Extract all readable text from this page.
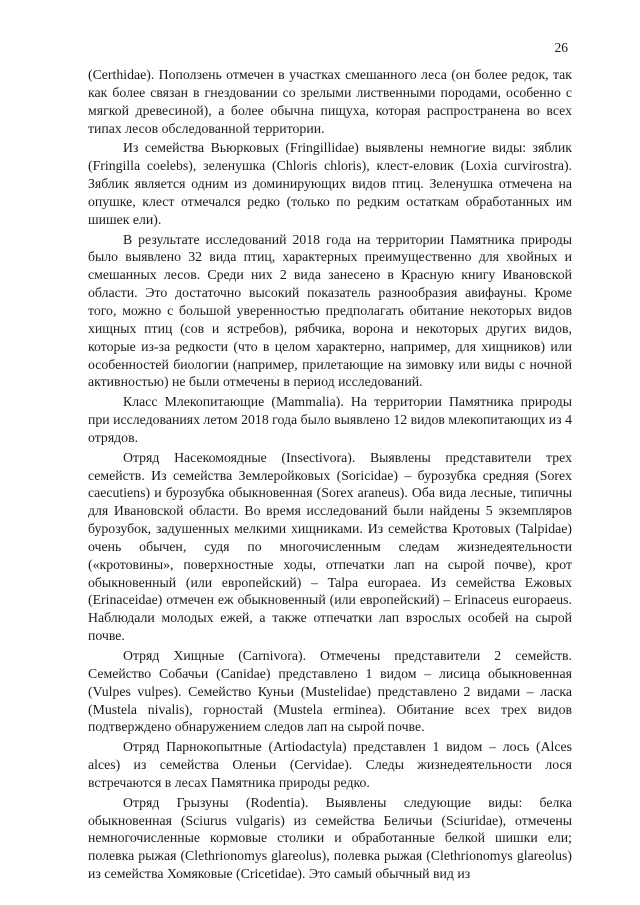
26

(Certhidae). Поползень отмечен в участках смешанного леса (он более редок, так как более связан в гнездовании со зрелыми лиственными породами, особенно с мягкой древесиной), а более обычна пищуха, которая распространена во всех типах лесов обследованной территории.

Из семейства Вьюрковых (Fringillidae) выявлены немногие виды: зяблик (Fringilla coelebs), зеленушка (Chloris chloris), клест-еловик (Loxia curvirostra). Зяблик является одним из доминирующих видов птиц. Зеленушка отмечена на опушке, клест отмечался редко (только по редким остаткам обработанных им шишек ели).

В результате исследований 2018 года на территории Памятника природы было выявлено 32 вида птиц, характерных преимущественно для хвойных и смешанных лесов. Среди них 2 вида занесено в Красную книгу Ивановской области. Это достаточно высокий показатель разнообразия авифауны. Кроме того, можно с большой уверенностью предполагать обитание некоторых видов хищных птиц (сов и ястребов), рябчика, ворона и некоторых других видов, которые из-за редкости (что в целом характерно, например, для хищников) или особенностей биологии (например, прилетающие на зимовку или виды с ночной активностью) не были отмечены в период исследований.

Класс Млекопитающие (Mammalia). На территории Памятника природы при исследованиях летом 2018 года было выявлено 12 видов млекопитающих из 4 отрядов.

Отряд Насекомоядные (Insectivora). Выявлены представители трех семейств. Из семейства Землеройковых (Soricidae) – бурозубка средняя (Sorex caecutiens) и бурозубка обыкновенная (Sorex araneus). Оба вида лесные, типичны для Ивановской области. Во время исследований были найдены 5 экземпляров бурозубок, задушенных мелкими хищниками. Из семейства Кротовых (Talpidae) очень обычен, судя по многочисленным следам жизнедеятельности («кротовины», поверхностные ходы, отпечатки лап на сырой почве), крот обыкновенный (или европейский) – Talpa europaea. Из семейства Ежовых (Erinaceidae) отмечен еж обыкновенный (или европейский) – Erinaceus europaeus. Наблюдали молодых ежей, а также отпечатки лап взрослых особей на сырой почве.

Отряд Хищные (Carnivora). Отмечены представители 2 семейств. Семейство Собачьи (Canidae) представлено 1 видом – лисица обыкновенная (Vulpes vulpes). Семейство Куньи (Mustelidae) представлено 2 видами – ласка (Mustela nivalis), горностай (Mustela erminea). Обитание всех трех видов подтверждено обнаружением следов лап на сырой почве.

Отряд Парнокопытные (Artiodactyla) представлен 1 видом – лось (Alces alces) из семейства Оленьи (Cervidae). Следы жизнедеятельности лося встречаются в лесах Памятника природы редко.

Отряд Грызуны (Rodentia). Выявлены следующие виды: белка обыкновенная (Sciurus vulgaris) из семейства Беличьи (Sciuridae), отмечены немногочисленные кормовые столики и обработанные белкой шишки ели; полевка рыжая (Clethrionomys glareolus), полевка рыжая (Clethrionomys glareolus) из семейства Хомяковые (Cricetidae). Это самый обычный вид из
